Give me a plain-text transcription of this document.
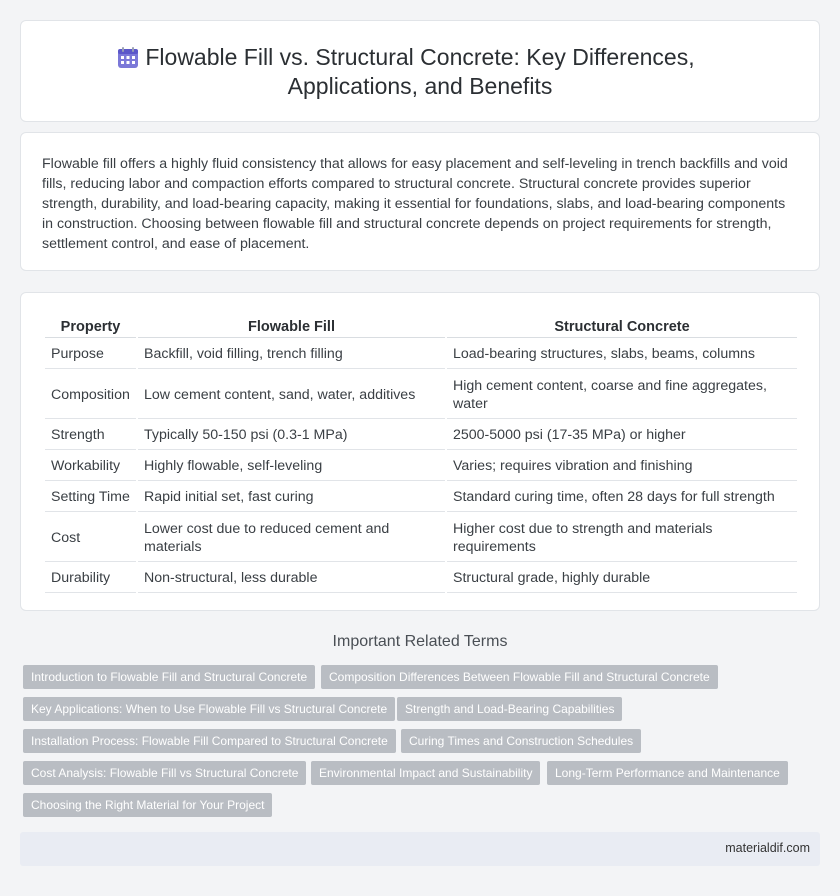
Flowable Fill vs. Structural Concrete: Key Differences,
Applications, and Benefits

Flowable fill offers a highly fluid consistency that allows for easy placement and self-leveling in trench backfills and void fills, reducing labor and compaction efforts compared to structural concrete. Structural concrete provides superior strength, durability, and load-bearing capacity, making it essential for foundations, slabs, and load-bearing components in construction. Choosing between flowable fill and structural concrete depends on project requirements for strength, settlement control, and ease of placement.

Property	Flowable Fill	Structural Concrete
Purpose	Backfill, void filling, trench filling	Load-bearing structures, slabs, beams, columns
Composition	Low cement content, sand, water, additives	High cement content, coarse and fine aggregates, water
Strength	Typically 50-150 psi (0.3-1 MPa)	2500-5000 psi (17-35 MPa) or higher
Workability	Highly flowable, self-leveling	Varies; requires vibration and finishing
Setting Time	Rapid initial set, fast curing	Standard curing time, often 28 days for full strength
Cost	Lower cost due to reduced cement and materials	Higher cost due to strength and materials requirements
Durability	Non-structural, less durable	Structural grade, highly durable
Important Related Terms
Introduction to Flowable Fill and Structural Concrete	Composition Differences Between Flowable Fill and Structural Concrete
Key Applications: When to Use Flowable Fill vs Structural Concrete	Strength and Load-Bearing Capabilities
Installation Process: Flowable Fill Compared to Structural Concrete	Curing Times and Construction Schedules
Cost Analysis: Flowable Fill vs Structural Concrete	Environmental Impact and Sustainability	Long-Term Performance and Maintenance
Choosing the Right Material for Your Project
materialdif.com
